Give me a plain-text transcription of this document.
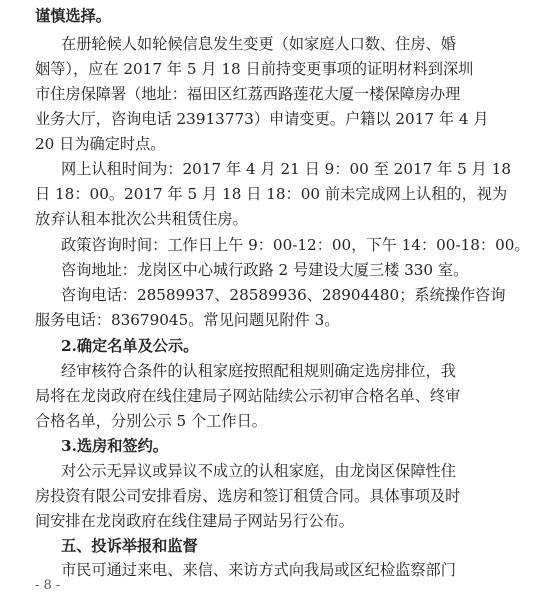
谨慎选择。
在册轮候人如轮候信息发生变更（如家庭人口数、住房、婚
姻等），应在 2017 年 5 月 18 日前持变更事项的证明材料到深圳
市住房保障署（地址：福田区红荔西路莲花大厦一楼保障房办理
业务大厅，咨询电话 23913773）申请变更。户籍以 2017 年 4 月
20 日为确定时点。
网上认租时间为：2017 年 4 月 21 日 9：00 至 2017 年 5 月 18
日 18：00。2017 年 5 月 18 日 18：00 前未完成网上认租的，视为
放弃认租本批次公共租赁住房。
政策咨询时间：工作日上午 9：00-12：00，下午 14：00-18：00。
咨询地址：龙岗区中心城行政路 2 号建设大厦三楼 330 室。
咨询电话：28589937、28589936、28904480；系统操作咨询
服务电话：83679045。常见问题见附件 3。
2.确定名单及公示。
经审核符合条件的认租家庭按照配租规则确定选房排位，我
局将在龙岗政府在线住建局子网站陆续公示初审合格名单、终审
合格名单，分别公示 5 个工作日。
3.选房和签约。
对公示无异议或异议不成立的认租家庭，由龙岗区保障性住
房投资有限公司安排看房、选房和签订租赁合同。具体事项及时
间安排在龙岗政府在线住建局子网站另行公布。
五、投诉举报和监督
市民可通过来电、来信、来访方式向我局或区纪检监察部门
- 8 -
